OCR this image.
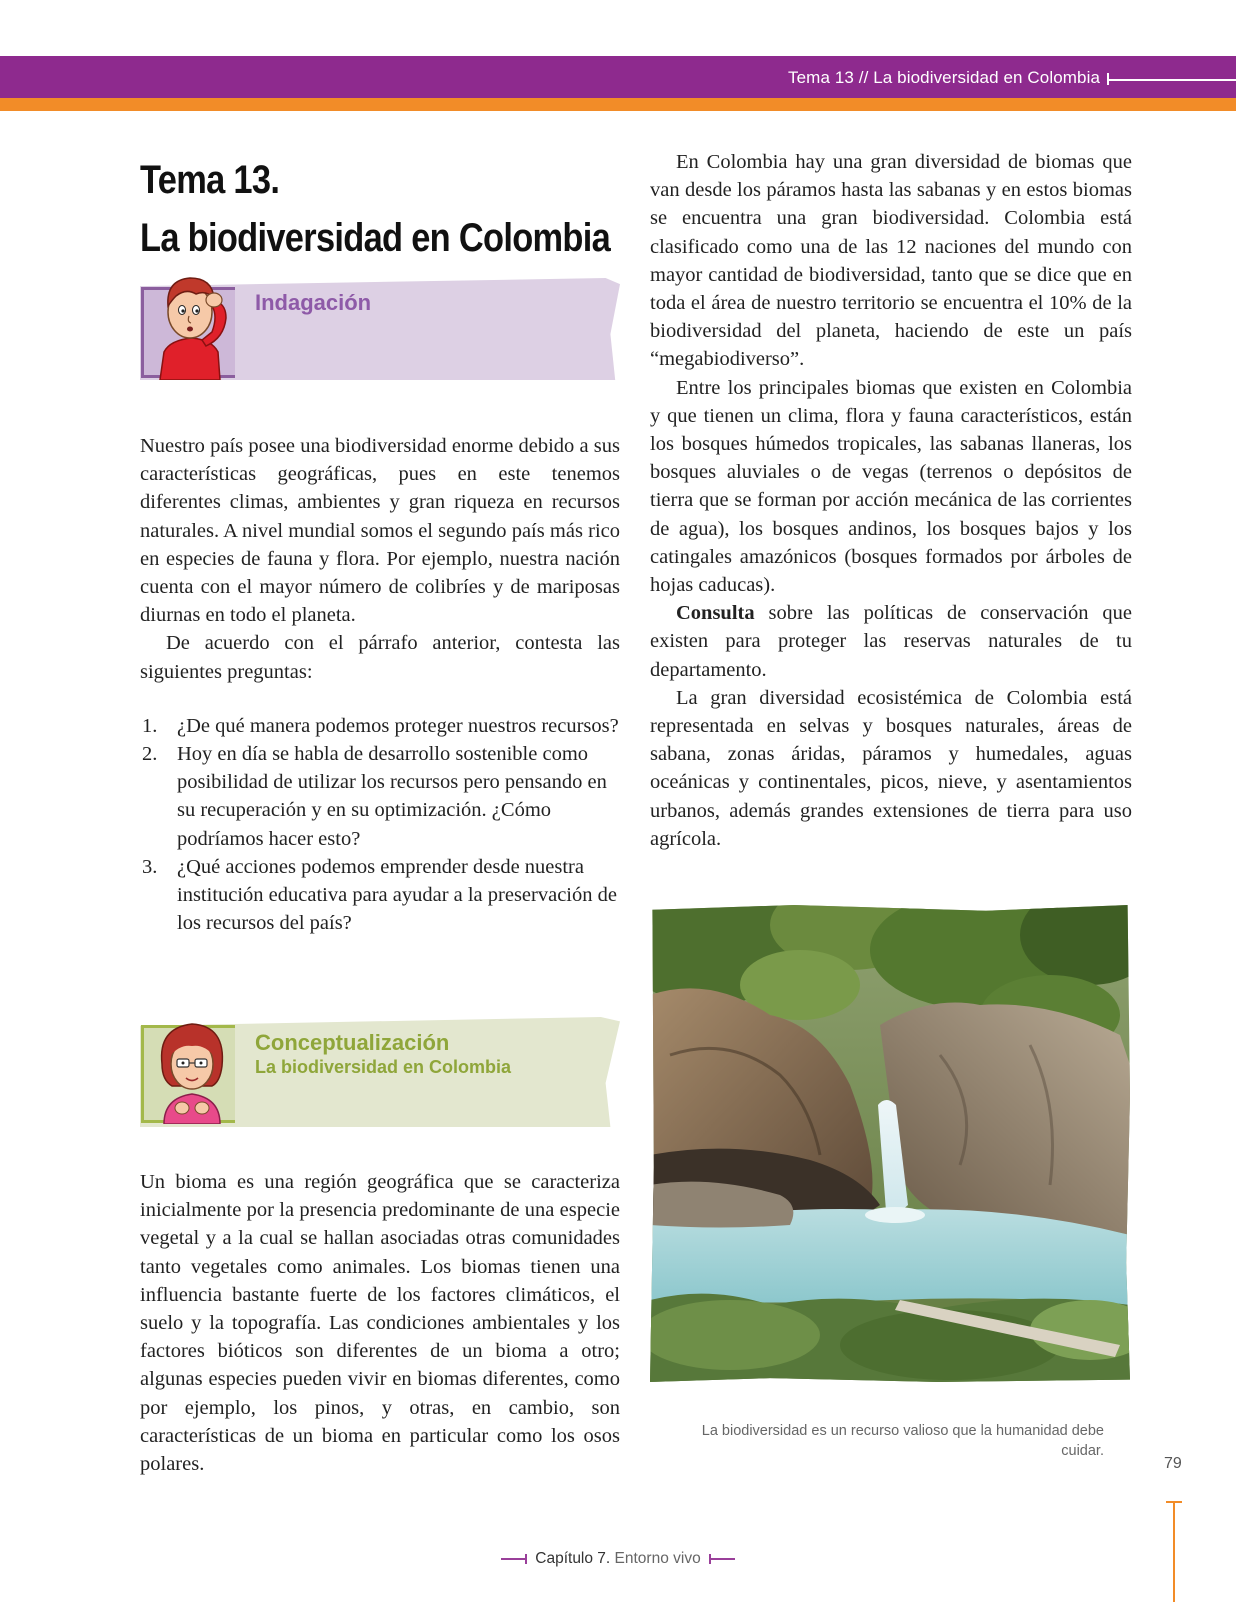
Tema 13 // La biodiversidad en Colombia
Tema 13.
La biodiversidad en Colombia
Indagación

Nuestro país posee una biodiversidad enorme debido a sus características geográficas, pues en este tenemos diferentes climas, ambientes y gran riqueza en recursos naturales. A nivel mundial somos el segundo país más rico en especies de fauna y flora. Por ejemplo, nuestra nación cuenta con el mayor número de colibríes y de mariposas diurnas en todo el planeta.

De acuerdo con el párrafo anterior, contesta las siguientes preguntas:

1. ¿De qué manera podemos proteger nuestros recursos?
2. Hoy en día se habla de desarrollo sostenible como posibilidad de utilizar los recursos pero pensando en su recuperación y en su optimización. ¿Cómo podríamos hacer esto?
3. ¿Qué acciones podemos emprender desde nuestra institución educativa para ayudar a la preservación de los recursos del país?
Conceptualización
La biodiversidad en Colombia

Un bioma es una región geográfica que se caracteriza inicialmente por la presencia predominante de una especie vegetal y a la cual se hallan asociadas otras comunidades tanto vegetales como animales. Los biomas tienen una influencia bastante fuerte de los factores climáticos, el suelo y la topografía. Las condiciones ambientales y los factores bióticos son diferentes de un bioma a otro; algunas especies pueden vivir en biomas diferentes, como por ejemplo, los pinos, y otras, en cambio, son características de un bioma en particular como los osos polares.

En Colombia hay una gran diversidad de biomas que van desde los páramos hasta las sabanas y en estos biomas se encuentra una gran biodiversidad. Colombia está clasificado como una de las 12 naciones del mundo con mayor cantidad de biodiversidad, tanto que se dice que en toda el área de nuestro territorio se encuentra el 10% de la biodiversidad del planeta, haciendo de este un país “megabiodiverso”.

Entre los principales biomas que existen en Colombia y que tienen un clima, flora y fauna característicos, están los bosques húmedos tropicales, las sabanas llaneras, los bosques aluviales o de vegas (terrenos o depósitos de tierra que se forman por acción mecánica de las corrientes de agua), los bosques andinos, los bosques bajos y los catingales amazónicos (bosques formados por árboles de hojas caducas).

Consulta sobre las políticas de conservación que existen para proteger las reservas naturales de tu departamento.

La gran diversidad ecosistémica de Colombia está representada en selvas y bosques naturales, áreas de sabana, zonas áridas, páramos y humedales, aguas oceánicas y continentales, picos, nieve, y asentamientos urbanos, además grandes extensiones de tierra para uso agrícola.

La biodiversidad es un recurso valioso que la humanidad debe cuidar.
79
Capítulo 7. Entorno vivo
